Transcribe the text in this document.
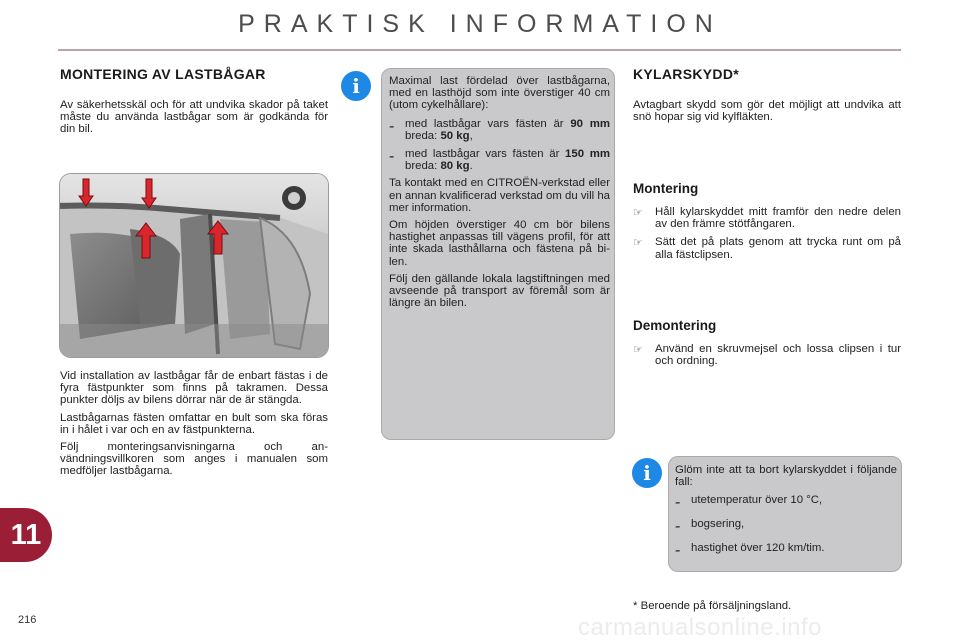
PRAKTISK INFORMATION
MONTERING AV LASTBÅGAR

Av säkerhetsskäl och för att undvika skador på taket måste du använda lastbågar som är godkända för din bil.

Vid installation av lastbågar får de enbart fästas i de fyra fästpunkter som finns på takramen. Dessa punkter döljs av bilens dörrar när de är stängda.

Lastbågarnas fästen omfattar en bult som ska föras in i hålet i var och en av fästpunkterna.

Följ monteringsanvisningarna och användningsvillkoren som anges i manualen som medföljer lastbågarna.

i	Maximal last fördelad över lastbågarna, med en lasthöjd som inte överstiger 40 cm (utom cykelhållare):

- med lastbågar vars fästen är 90 mm breda: 50 kg,
- med lastbågar vars fästen är 150 mm breda: 80 kg.

Ta kontakt med en CITROËN-verkstad eller en annan kvalificerad verkstad om du vill ha mer information.

Om höjden överstiger 40 cm bör bilens hastighet anpassas till vägens profil, för att inte skada lasthållarna och fästena på bilen.

Följ den gällande lokala lagstiftningen med avseende på transport av föremål som är längre än bilen.

KYLARSKYDD*

Avtagbart skydd som gör det möjligt att undvika att snö hopar sig vid kylfläkten.

Montering
☞	Håll kylarskyddet mitt framför den nedre delen av den främre stötfångaren.
☞	Sätt det på plats genom att trycka runt om på alla fästclipsen.
Demontering
☞	Använd en skruvmejsel och lossa clipsen i tur och ordning.
i	Glöm inte att ta bort kylarskyddet i följande fall:

- utetemperatur över 10 °C,
- bogsering,
- hastighet över 120 km/tim.
* Beroende på försäljningsland.
11
216	carmanualsonline.info
